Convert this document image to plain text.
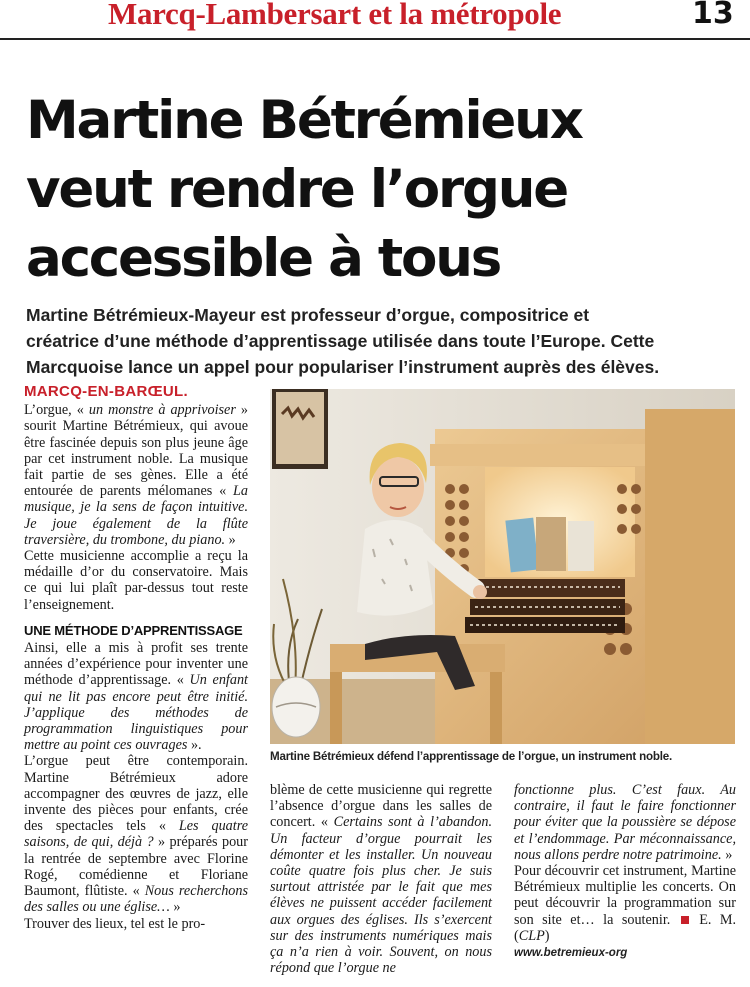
Marcq-Lambersart et la métropole	13
Martine Bétrémieux
veut rendre l’orgue
accessible à tous
Martine Bétrémieux-Mayeur est professeur d’orgue, compositrice et
créatrice d’une méthode d’apprentissage utilisée dans toute l’Europe. Cette
Marcquoise lance un appel pour populariser l’instrument auprès des élèves.
MARCQ-EN-BARŒUL.

L’orgue, « un monstre à apprivoiser » sourit Martine Bétrémieux, qui avoue être fascinée depuis son plus jeune âge par cet instrument noble. La musique fait partie de ses gènes. Elle a été entourée de parents mélomanes « La musique, je la sens de façon intuitive. Je joue également de la flûte traversière, du trombone, du piano. »

Cette musicienne accomplie a reçu la médaille d’or du conservatoire. Mais ce qui lui plaît par-dessus tout reste l’enseignement.

UNE MÉTHODE D’APPRENTISSAGE

Ainsi, elle a mis à profit ses trente années d’expérience pour inventer une méthode d’apprentissage. « Un enfant qui ne lit pas encore peut être initié. J’applique des méthodes de programmation linguistiques pour mettre au point ces ouvrages ».

L’orgue peut être contemporain. Martine Bétrémieux adore accompagner des œuvres de jazz, elle invente des pièces pour enfants, crée des spectacles tels « Les quatre saisons, de qui, déjà ? » préparés pour la rentrée de septembre avec Florine Rogé, comédienne et Floriane Baumont, flûtiste. « Nous recherchons des salles ou une église… »

Trouver des lieux, tel est le pro-

Martine Bétrémieux défend l’apprentissage de l’orgue, un instrument noble.

blème de cette musicienne qui regrette l’absence d’orgue dans les salles de concert. « Certains sont à l’abandon. Un facteur d’orgue pourrait les démonter et les installer. Un nouveau coûte quatre fois plus cher. Je suis surtout attristée par le fait que mes élèves ne puissent accéder facilement aux orgues des églises. Ils s’exercent sur des instruments numériques mais ça n’a rien à voir. Souvent, on nous répond que l’orgue ne

fonctionne plus. C’est faux. Au contraire, il faut le faire fonctionner pour éviter que la poussière se dépose et l’endommage. Par méconnaissance, nous allons perdre notre patrimoine. »

Pour découvrir cet instrument, Martine Bétrémieux multiplie les concerts. On peut découvrir la programmation sur son site et… la soutenir.  E. M. (CLP)

www.betremieux-org
